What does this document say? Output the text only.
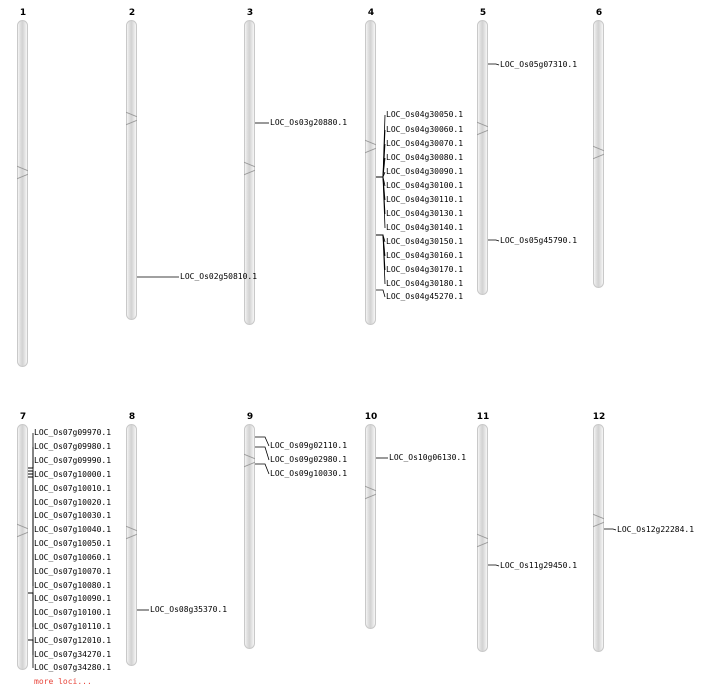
1	2	3	4	5	6
7	8	9	10	11	12
LOC_Os02g50810.1
LOC_Os03g20880.1
LOC_Os04g30050.1
LOC_Os04g30060.1
LOC_Os04g30070.1
LOC_Os04g30080.1
LOC_Os04g30090.1
LOC_Os04g30100.1
LOC_Os04g30110.1
LOC_Os04g30130.1
LOC_Os04g30140.1
LOC_Os04g30150.1
LOC_Os04g30160.1
LOC_Os04g30170.1
LOC_Os04g30180.1
LOC_Os04g45270.1
LOC_Os05g07310.1
LOC_Os05g45790.1
LOC_Os07g09970.1
LOC_Os07g09980.1
LOC_Os07g09990.1
LOC_Os07g10000.1
LOC_Os07g10010.1
LOC_Os07g10020.1
LOC_Os07g10030.1
LOC_Os07g10040.1
LOC_Os07g10050.1
LOC_Os07g10060.1
LOC_Os07g10070.1
LOC_Os07g10080.1
LOC_Os07g10090.1
LOC_Os07g10100.1
LOC_Os07g10110.1
LOC_Os07g12010.1
LOC_Os07g34270.1
LOC_Os07g34280.1
more loci...
LOC_Os08g35370.1
LOC_Os09g02110.1
LOC_Os09g02980.1
LOC_Os09g10030.1
LOC_Os10g06130.1
LOC_Os11g29450.1
LOC_Os12g22284.1
